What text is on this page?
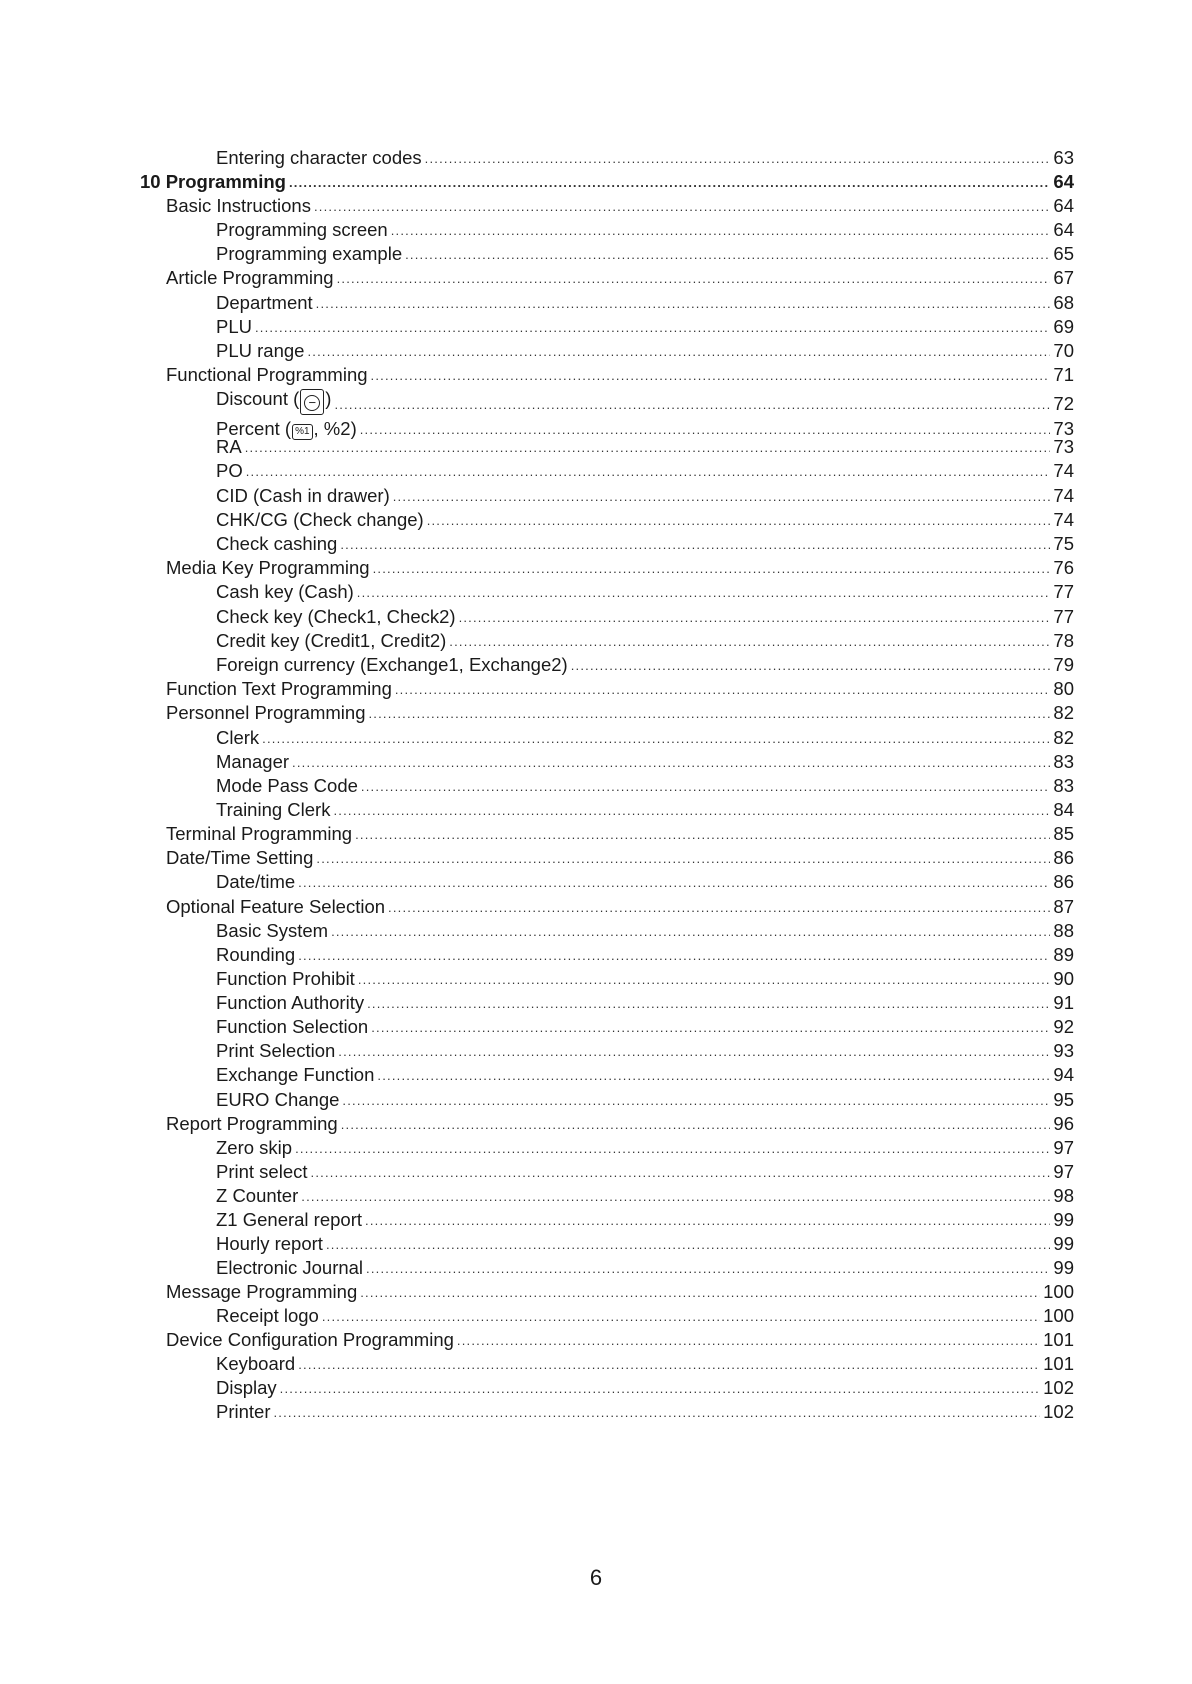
Entering character codes .....	63
10 Programming .....	64
Basic Instructions .....	64
Programming screen .....	64
Programming example .....	65
Article Programming .....	67
Department .....	68
PLU .....	69
PLU range .....	70
Functional Programming .....	71
Discount ( − ) .....	72
Percent ( %1 , %2) .....	73
RA .....	73
PO .....	74
CID (Cash in drawer) .....	74
CHK/CG (Check change) .....	74
Check cashing .....	75
Media Key Programming .....	76
Cash key (Cash) .....	77
Check key (Check1, Check2) .....	77
Credit key (Credit1, Credit2) .....	78
Foreign currency (Exchange1, Exchange2) .....	79
Function Text Programming .....	80
Personnel Programming .....	82
Clerk .....	82
Manager .....	83
Mode Pass Code .....	83
Training Clerk .....	84
Terminal Programming .....	85
Date/Time Setting .....	86
Date/time .....	86
Optional Feature Selection .....	87
Basic System .....	88
Rounding .....	89
Function Prohibit .....	90
Function Authority .....	91
Function Selection .....	92
Print Selection .....	93
Exchange Function .....	94
EURO Change .....	95
Report Programming .....	96
Zero skip .....	97
Print select .....	97
Z Counter .....	98
Z1 General report .....	99
Hourly report .....	99
Electronic Journal .....	99
Message Programming .....	100
Receipt logo .....	100
Device Configuration Programming .....	101
Keyboard .....	101
Display .....	102
Printer .....	102
6
